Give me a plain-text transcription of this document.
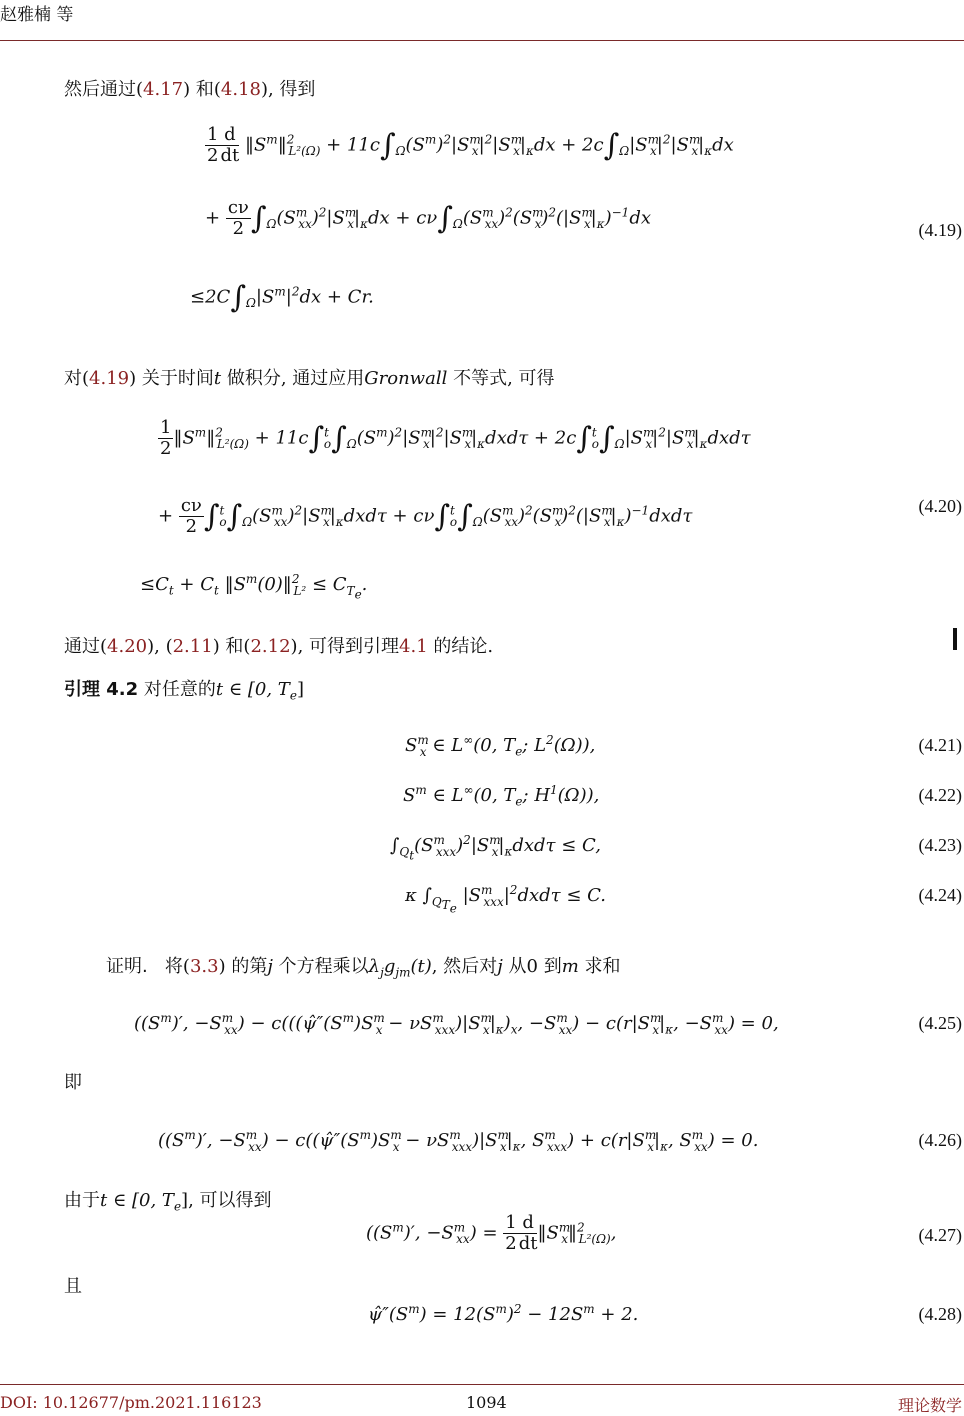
赵雅楠 等
然后通过(4.17) 和(4.18), 得到
$\frac{1}{2} \frac{d}{dt}$ $‖S^m‖^2_{L^2(\Omega)} + 11c\int_\Omega(S^m)^2|S^m_x|^2|S^m_x|_\kappa dx + 2c\int_\Omega|S^m_x|^2|S^m_x|_\kappa dx$
+ $\frac{c\nu}{2} \int_\Omega(S^m_{xx})^2|S^m_x|_\kappa dx + c\nu\int_\Omega(S^m_{xx})^2(S^m_x)^2(|S^m_x|_\kappa)^{-1}dx$
(4.19)
$\le 2C\int_\Omega|S^m|^2dx + Cr$.
对(4.19) 关于时间t 做积分, 通过应用Gronwall 不等式, 可得
$\frac{1}{2}$ $‖S^m‖^2_{L^2(\Omega)} + 11c\int^t_o\int_\Omega(S^m)^2|S^m_x|^2|S^m_x|_\kappa dxd\tau + 2c\int^t_o\int_\Omega|S^m_x|^2|S^m_x|_\kappa dxd\tau$
+ $\frac{c\nu}{2} \int^t_o\int_\Omega(S^m_{xx})^2|S^m_x|_\kappa dxd\tau + c\nu\int^t_o\int_\Omega(S^m_{xx})^2(S^m_x)^2(|S^m_x|_\kappa)^{-1}dxd\tau$	(4.20)
$\le C_t + C_t$ $‖S^m(0)‖^2_{L^2} \le C_{T_e}$.
通过(4.20), (2.11) 和(2.12), 可得到引理4.1 的结论.
引理 4.2 对任意的t ∈ [0, $T_e$]
$S^m_x$ ∈ L∞(0, $T_e$; $L^2(\Omega)$),	(4.21)
$S^m$ ∈ L∞(0, $T_e$; $H^1(\Omega)$),	(4.22)
$\int_{Q_t}(S^m_{xxx})^2|S^m_x|_\kappa dxd\tau \le C$,	(4.23)
κ $\int_{Q_{T_e}}$ $|S^m_{xxx}|^2dxd\tau \le C$.	(4.24)
证明. 将(3.3) 的第j 个方程乘以$\lambda_jg_{jm}(t)$, 然后对j 从0 到m 求和
($(S^m)'$, $-S^m_{xx}$) − $c(((\psî''(S^m)S^m_x - \nu S^m_{xxx})|S^m_x|_\kappa)_x$, $-S^m_{xx}) - c(r|S^m_x|_\kappa$, $-S^m_{xx}) = 0$,	(4.25)
即
($(S^m)'$, $-S^m_{xx}$) − $c((\psî''(S^m)S^m_x - \nu S^m_{xxx})|S^m_x|_\kappa$, $S^m_{xxx}) + c(r|S^m_x|_\kappa$, $S^m_{xx}) = 0$.	(4.26)
由于t ∈ [0, $T_e$], 可以得到
($(S^m)'$, $-S^m_{xx}) = \frac{1}{2} \frac{d}{dt}$ $‖S^m_x‖^2_{L^2(\Omega)}$,	(4.27)
且
$\psî''(S^m) = 12(S^m)^2 - 12S^m + 2$.	(4.28)
DOI: 10.12677/pm.2021.116123	1094	理论数学
